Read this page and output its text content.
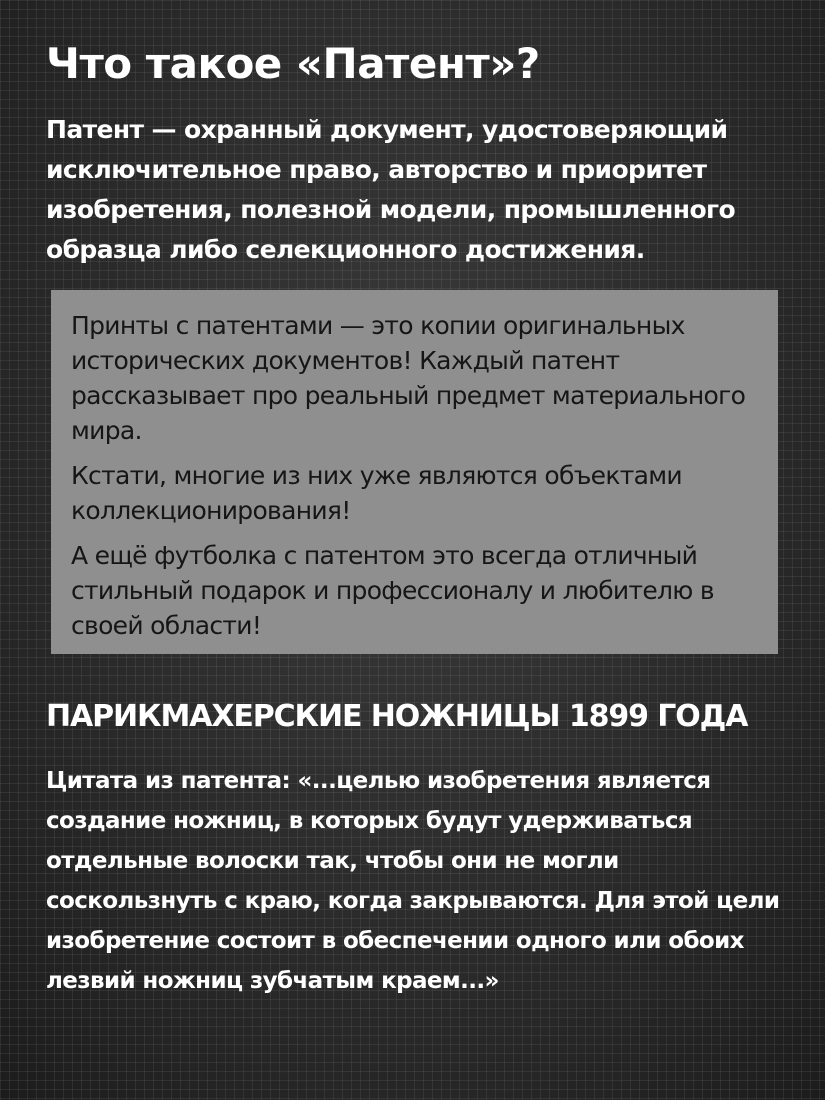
Что такое «Патент»?

Патент — охранный документ, удостоверяющий исключительное право, авторство и приоритет изобретения, полезной модели, промышленного образца либо селекционного достижения.

Принты с патентами — это копии оригинальных исторических документов! Каждый патент рассказывает про реальный предмет материального мира.

Кстати, многие из них уже являются объектами коллекционирования!

А ещё футболка с патентом это всегда отличный стильный подарок и профессионалу и любителю в своей области!

ПАРИКМАХЕРСКИЕ НОЖНИЦЫ 1899 ГОДА

Цитата из патента: «...целью изобретения является создание ножниц, в которых будут удерживаться отдельные волоски так, чтобы они не могли соскользнуть с краю, когда закрываются. Для этой цели изобретение состоит в обеспечении одного или обоих лезвий ножниц зубчатым краем...»
